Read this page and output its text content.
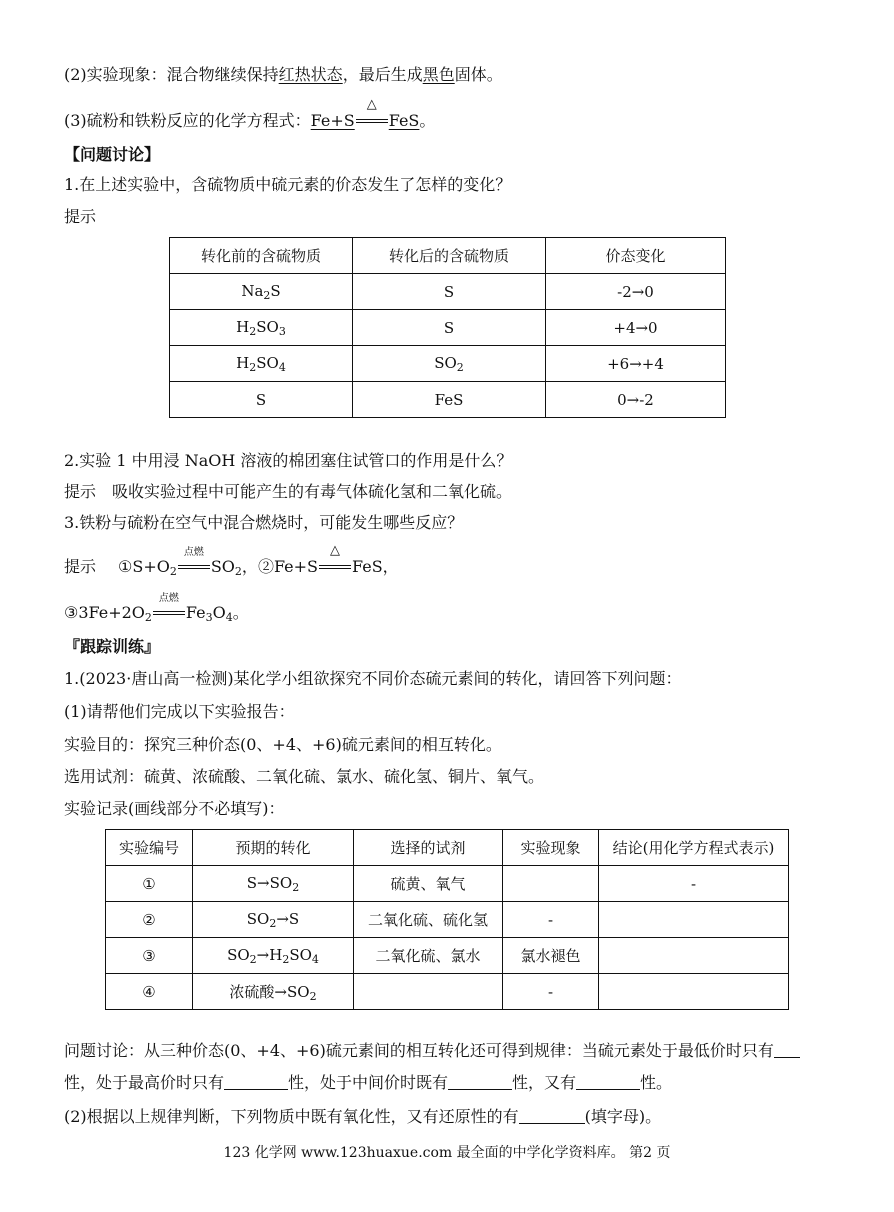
(2)实验现象：混合物继续保持红热状态，最后生成黑色固体。
(3)硫粉和铁粉反应的化学方程式：Fe+S
△
FeS。
【问题讨论】
1.在上述实验中，含硫物质中硫元素的价态发生了怎样的变化？
提示
转化前的含硫物质	转化后的含硫物质	价态变化
$Na_2S$	S	-2→0
$H_2SO_3$	S	+4→0
$H_2SO_4$	$SO_2$	+6→+4
S	FeS	0→-2
2.实验 1 中用浸 NaOH 溶液的棉团塞住试管口的作用是什么？
提示　吸收实验过程中可能产生的有毒气体硫化氢和二氧化硫。
3.铁粉与硫粉在空气中混合燃烧时，可能发生哪些反应？
提示 $①S+O_2$
点燃
$SO_2$，②Fe+S
△
FeS，
$③3Fe+2O_2$
点燃
$Fe_3O_4$。
『跟踪训练』
1.(2023·唐山高一检测)某化学小组欲探究不同价态硫元素间的转化，请回答下列问题：
(1)请帮他们完成以下实验报告：
实验目的：探究三种价态(0、+4、+6)硫元素间的相互转化。
选用试剂：硫黄、浓硫酸、二氧化硫、氯水、硫化氢、铜片、氧气。
实验记录(画线部分不必填写)：
实验编号	预期的转化	选择的试剂	实验现象	结论(用化学方程式表示)
①	$S\to SO_2$	硫黄、氧气		-
②	$SO_2\to S$	二氧化硫、硫化氢	-	
③	$SO_2\to H_2SO_4$	二氧化硫、氯水	氯水褪色	
④	浓硫酸$\to SO_2$		-	
问题讨论：从三种价态(0、+4、+6)硫元素间的相互转化还可得到规律：当硫元素处于最低价时只有
性，处于最高价时只有	性，处于中间价时既有	性，又有	性。
(2)根据以上规律判断，下列物质中既有氧化性，又有还原性的有	(填字母)。
123 化学网 www.123huaxue.com 最全面的中学化学资料库。 第2 页
